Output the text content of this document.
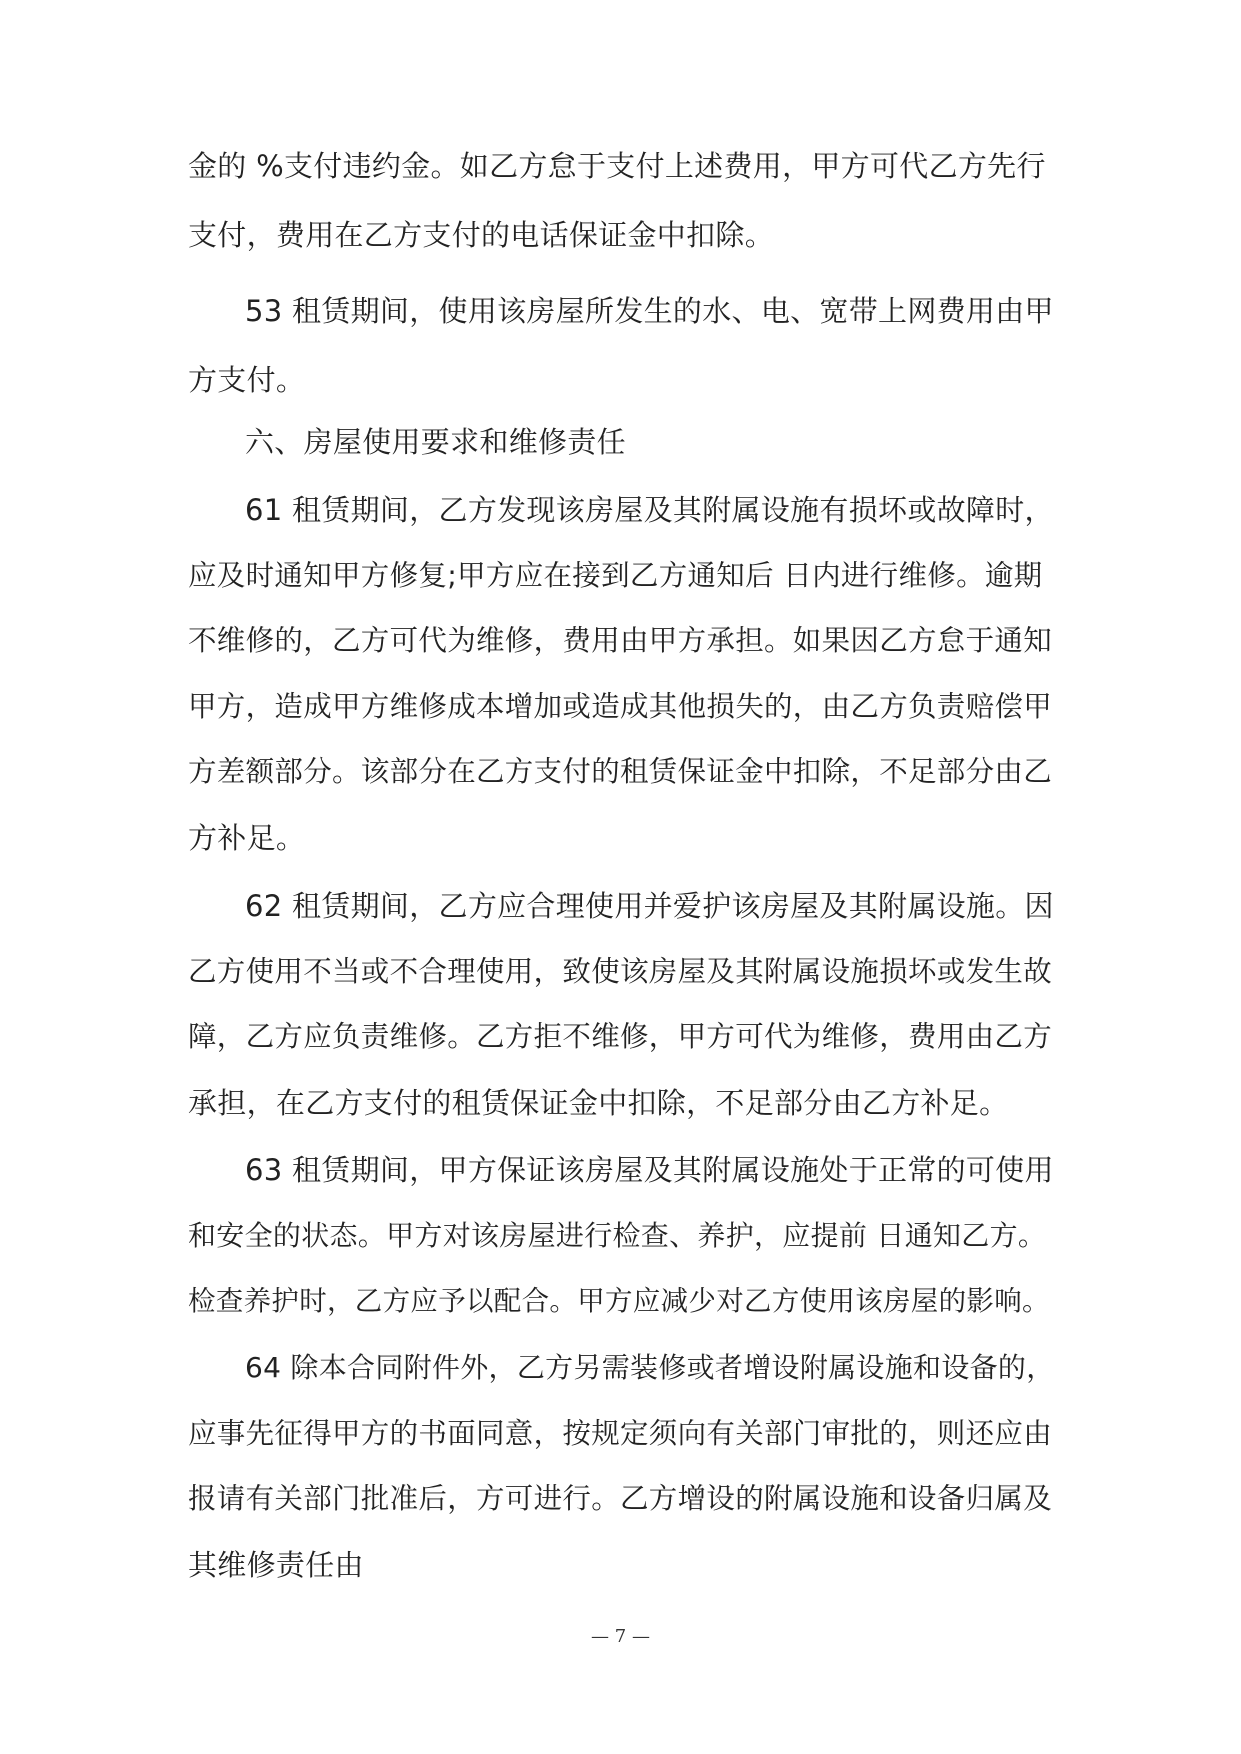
金的 %支付违约金。如乙方怠于支付上述费用，甲方可代乙方先行
支付，费用在乙方支付的电话保证金中扣除。
53 租赁期间，使用该房屋所发生的水、电、宽带上网费用由甲
方支付。
六、房屋使用要求和维修责任
61 租赁期间，乙方发现该房屋及其附属设施有损坏或故障时，
应及时通知甲方修复;甲方应在接到乙方通知后 日内进行维修。逾期
不维修的，乙方可代为维修，费用由甲方承担。如果因乙方怠于通知
甲方，造成甲方维修成本增加或造成其他损失的，由乙方负责赔偿甲
方差额部分。该部分在乙方支付的租赁保证金中扣除，不足部分由乙
方补足。
62 租赁期间，乙方应合理使用并爱护该房屋及其附属设施。因
乙方使用不当或不合理使用，致使该房屋及其附属设施损坏或发生故
障，乙方应负责维修。乙方拒不维修，甲方可代为维修，费用由乙方
承担，在乙方支付的租赁保证金中扣除，不足部分由乙方补足。
63 租赁期间，甲方保证该房屋及其附属设施处于正常的可使用
和安全的状态。甲方对该房屋进行检查、养护，应提前 日通知乙方。
检查养护时，乙方应予以配合。甲方应减少对乙方使用该房屋的影响。
64 除本合同附件外，乙方另需装修或者增设附属设施和设备的，
应事先征得甲方的书面同意，按规定须向有关部门审批的，则还应由
报请有关部门批准后，方可进行。乙方增设的附属设施和设备归属及
其维修责任由
— 7 —
